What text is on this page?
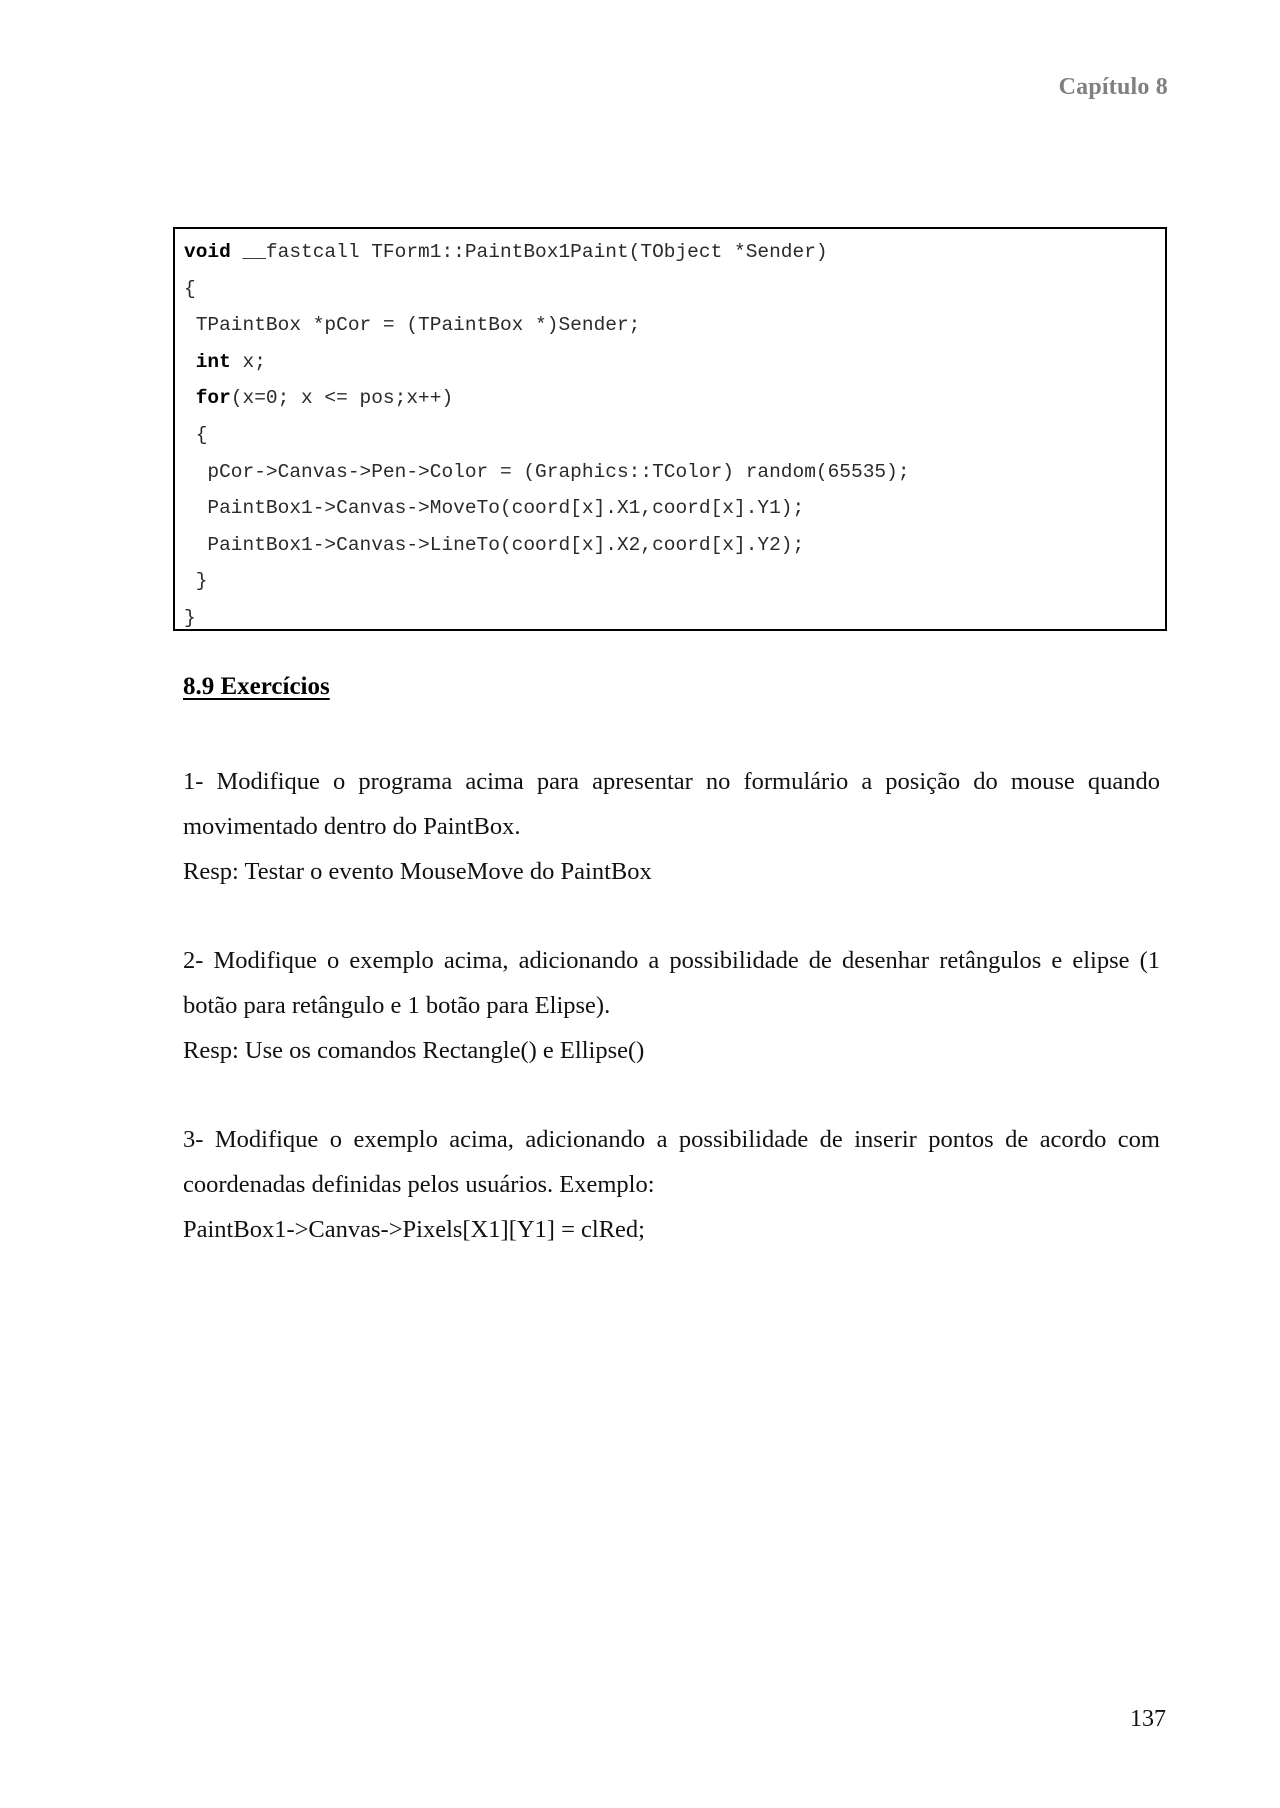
Capítulo 8
void __fastcall TForm1::PaintBox1Paint(TObject *Sender)
{
TPaintBox *pCor = (TPaintBox *)Sender;
int x;
for(x=0; x <= pos;x++)
{
pCor->Canvas->Pen->Color = (Graphics::TColor) random(65535);
PaintBox1->Canvas->MoveTo(coord[x].X1,coord[x].Y1);
PaintBox1->Canvas->LineTo(coord[x].X2,coord[x].Y2);
}
}
8.9 Exercícios

1- Modifique o programa acima para apresentar no formulário a posição do mouse quando movimentado dentro do PaintBox.

Resp: Testar o evento MouseMove do PaintBox

2- Modifique o exemplo acima, adicionando a possibilidade de desenhar retângulos e elipse (1 botão para retângulo e 1 botão para Elipse).

Resp: Use os comandos Rectangle() e Ellipse()

3- Modifique o exemplo acima, adicionando a possibilidade de inserir pontos de acordo com coordenadas definidas pelos usuários. Exemplo:

PaintBox1->Canvas->Pixels[X1][Y1] = clRed;

137
